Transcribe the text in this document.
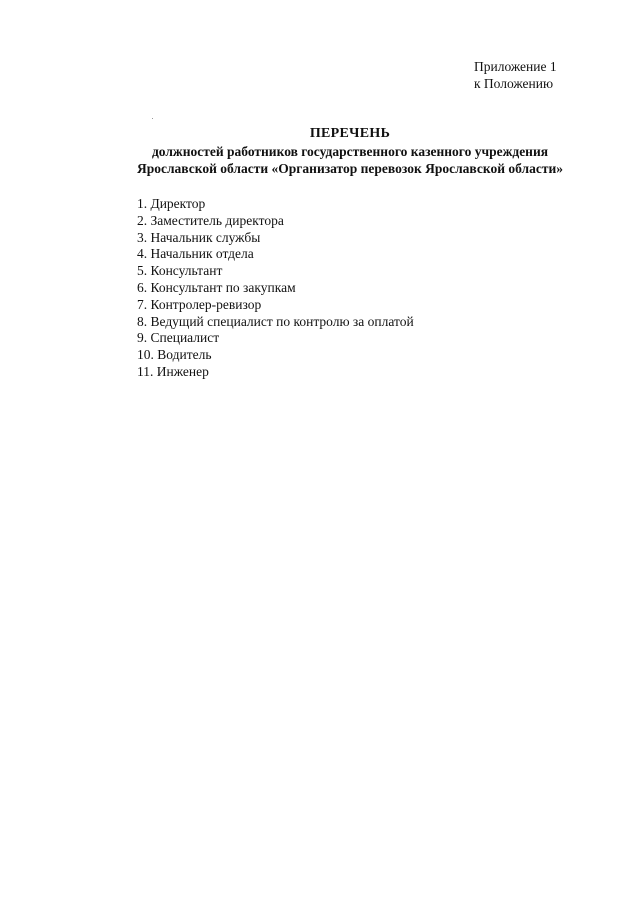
Приложение 1
к Положению
ПЕРЕЧЕНЬ
должностей работников государственного казенного учреждения
Ярославской области «Организатор перевозок Ярославской области»
1. Директор
2. Заместитель директора
3. Начальник службы
4. Начальник отдела
5. Консультант
6. Консультант по закупкам
7. Контролер-ревизор
8. Ведущий специалист по контролю за оплатой
9. Специалист
10. Водитель
11. Инженер
